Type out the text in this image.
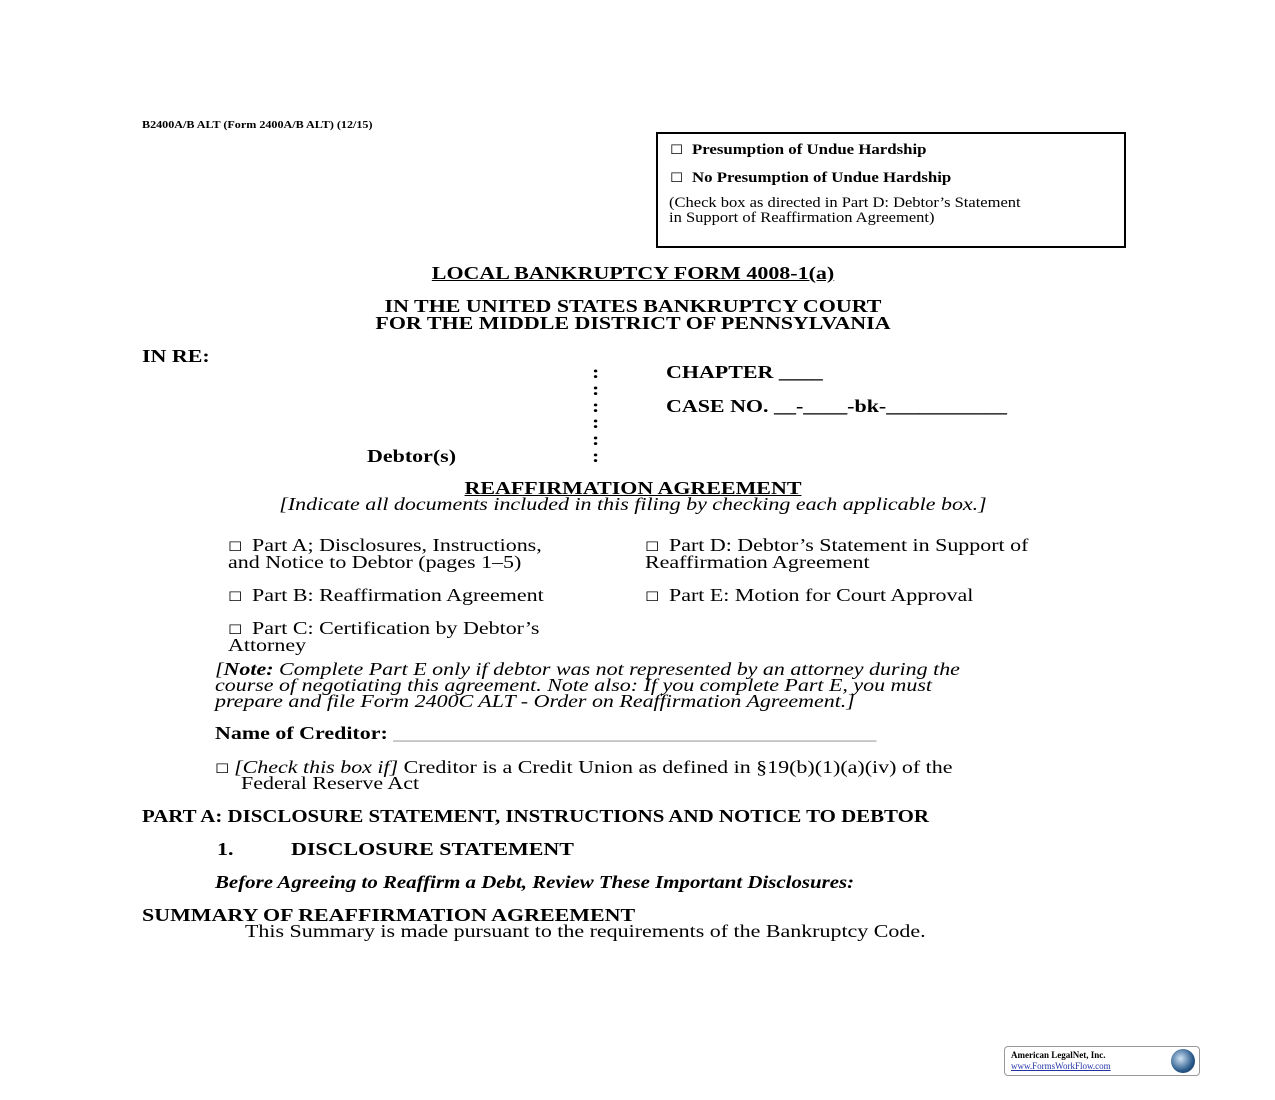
B2400A/B ALT (Form 2400A/B ALT) (12/15)
☐ Presumption of Undue Hardship
☐ No Presumption of Undue Hardship
(Check box as directed in Part D: Debtor’s Statement
in Support of Reaffirmation Agreement)
LOCAL BANKRUPTCY FORM 4008-1(a)
IN THE UNITED STATES BANKRUPTCY COURT
FOR THE MIDDLE DISTRICT OF PENNSYLVANIA
IN RE:
:
:
:
:
:
:
CHAPTER ____
CASE NO. __-____-bk-___________
Debtor(s)
REAFFIRMATION AGREEMENT
[Indicate all documents included in this filing by checking each applicable box.]
☐ Part A; Disclosures, Instructions,
and Notice to Debtor (pages 1–5)
☐ Part B: Reaffirmation Agreement
☐ Part C: Certification by Debtor’s
Attorney
☐ Part D: Debtor’s Statement in Support of
Reaffirmation Agreement
☐ Part E: Motion for Court Approval
[Note: Complete Part E only if debtor was not represented by an attorney during the
course of negotiating this agreement. Note also: If you complete Part E, you must
prepare and file Form 2400C ALT - Order on Reaffirmation Agreement.]
Name of Creditor: ____________________________________________
☐ [Check this box if] Creditor is a Credit Union as defined in §19(b)(1)(a)(iv) of the
Federal Reserve Act
PART A: DISCLOSURE STATEMENT, INSTRUCTIONS AND NOTICE TO DEBTOR
1.	DISCLOSURE STATEMENT
Before Agreeing to Reaffirm a Debt, Review These Important Disclosures:
SUMMARY OF REAFFIRMATION AGREEMENT
This Summary is made pursuant to the requirements of the Bankruptcy Code.
American LegalNet, Inc.
www.FormsWorkFlow.com
